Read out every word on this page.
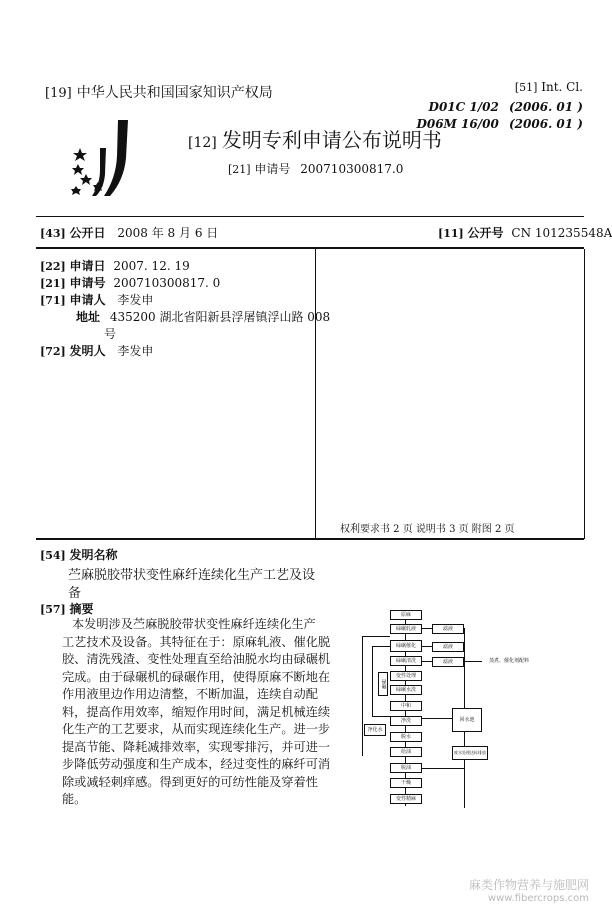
[19] 中华人民共和国国家知识产权局
[12] 发明专利申请公布说明书
[21] 申请号 200710300817.0
[51] Int. Cl.
D01C 1/02 (2006. 01 )
D06M 16/00 (2006. 01 )
[43] 公开日 2008 年 8 月 6 日	[11] 公开号 CN 101235548A
[22] 申请日 2007. 12. 19
[21] 申请号 200710300817. 0
[71] 申请人 李发申
地址 435200 湖北省阳新县浮屠镇浮山路 008
号
[72] 发明人 李发申
权利要求书 2 页 说明书 3 页 附图 2 页
[54] 发明名称
苎麻脱胶带状变性麻纤连续化生产工艺及设
备
[57] 摘要
本发明涉及苎麻脱胶带状变性麻纤连续化生产
工艺技术及设备。其特征在于：原麻轧液、催化脱
胶、清洗残渣、变性处理直至给油脱水均由碌碾机
完成。由于碌碾机的碌碾作用，使得原麻不断地在
作用液里边作用边清整，不断加温，连续自动配
料，提高作用效率，缩短作用时间，满足机械连续
化生产的工艺要求，从而实现连续化生产。进一步
提高节能、降耗减排效率，实现零排污，并可进一
步降低劳动强度和生产成本，经过变性的麻纤可消
除或减轻刺痒感。得到更好的可纺性能及穿着性
能。
原麻
碌碾轧液
碌碾催化
碌碾清洗
变性处理
碌碾水洗
中和
净洗
脱水
给油
脱油
干燥
变性精麻
滤液
滤液
滤液	蒸煮、催化剂配料
碌碾
净化水
回水池
废水处理达标排放
麻类作物营养与施肥网
www.fibercrops.com
